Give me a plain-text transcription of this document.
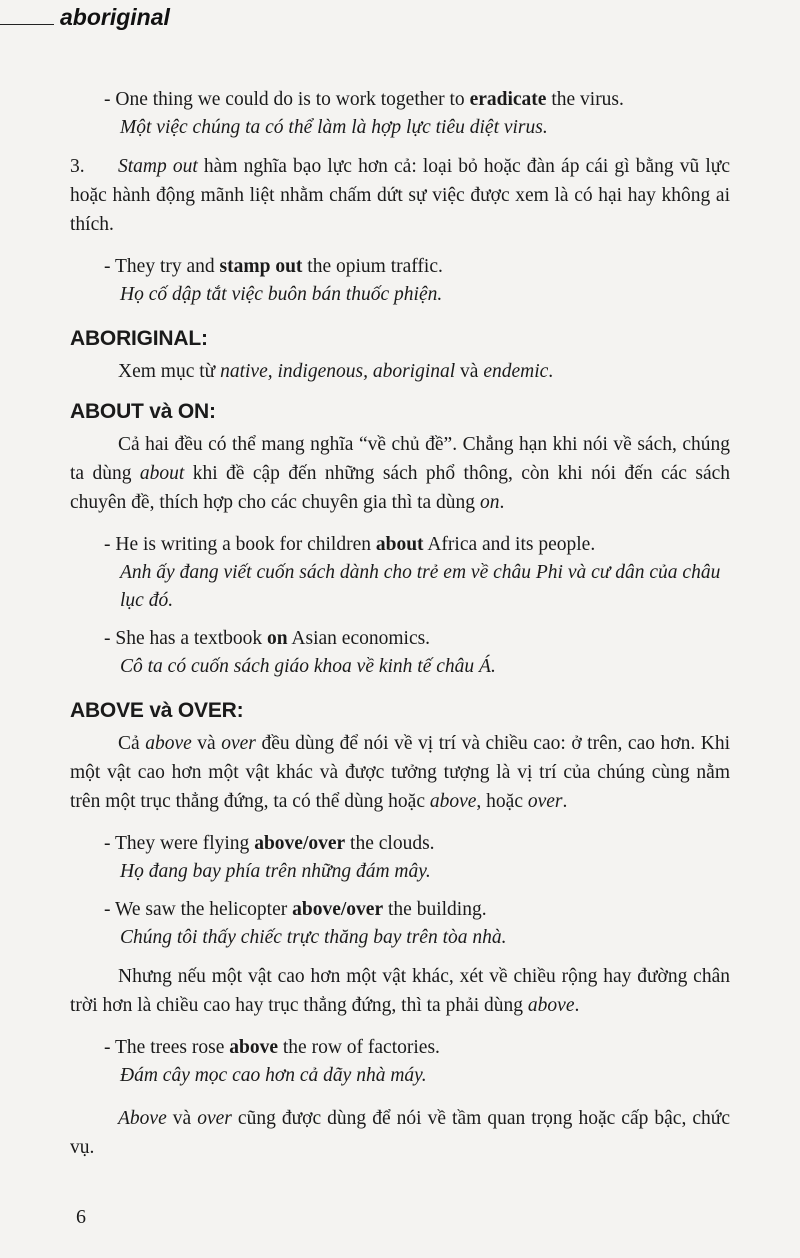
aboriginal

- One thing we could do is to work together to eradicate the virus.

Một việc chúng ta có thể làm là hợp lực tiêu diệt virus.

3. Stamp out hàm nghĩa bạo lực hơn cả: loại bỏ hoặc đàn áp cái gì bằng vũ lực hoặc hành động mãnh liệt nhằm chấm dứt sự việc được xem là có hại hay không ai thích.

- They try and stamp out the opium traffic.

Họ cố dập tắt việc buôn bán thuốc phiện.

ABORIGINAL:

Xem mục từ native, indigenous, aboriginal và endemic.

ABOUT và ON:

Cả hai đều có thể mang nghĩa “về chủ đề”. Chẳng hạn khi nói về sách, chúng ta dùng about khi đề cập đến những sách phổ thông, còn khi nói đến các sách chuyên đề, thích hợp cho các chuyên gia thì ta dùng on.

- He is writing a book for children about Africa and its people.

Anh ấy đang viết cuốn sách dành cho trẻ em về châu Phi và cư dân của châu lục đó.

- She has a textbook on Asian economics.

Cô ta có cuốn sách giáo khoa về kinh tế châu Á.

ABOVE và OVER:

Cả above và over đều dùng để nói về vị trí và chiều cao: ở trên, cao hơn. Khi một vật cao hơn một vật khác và được tưởng tượng là vị trí của chúng cùng nằm trên một trục thẳng đứng, ta có thể dùng hoặc above, hoặc over.

- They were flying above/over the clouds.

Họ đang bay phía trên những đám mây.

- We saw the helicopter above/over the building.

Chúng tôi thấy chiếc trực thăng bay trên tòa nhà.

Nhưng nếu một vật cao hơn một vật khác, xét về chiều rộng hay đường chân trời hơn là chiều cao hay trục thẳng đứng, thì ta phải dùng above.

- The trees rose above the row of factories.

Đám cây mọc cao hơn cả dãy nhà máy.

Above và over cũng được dùng để nói về tầm quan trọng hoặc cấp bậc, chức vụ.

6
